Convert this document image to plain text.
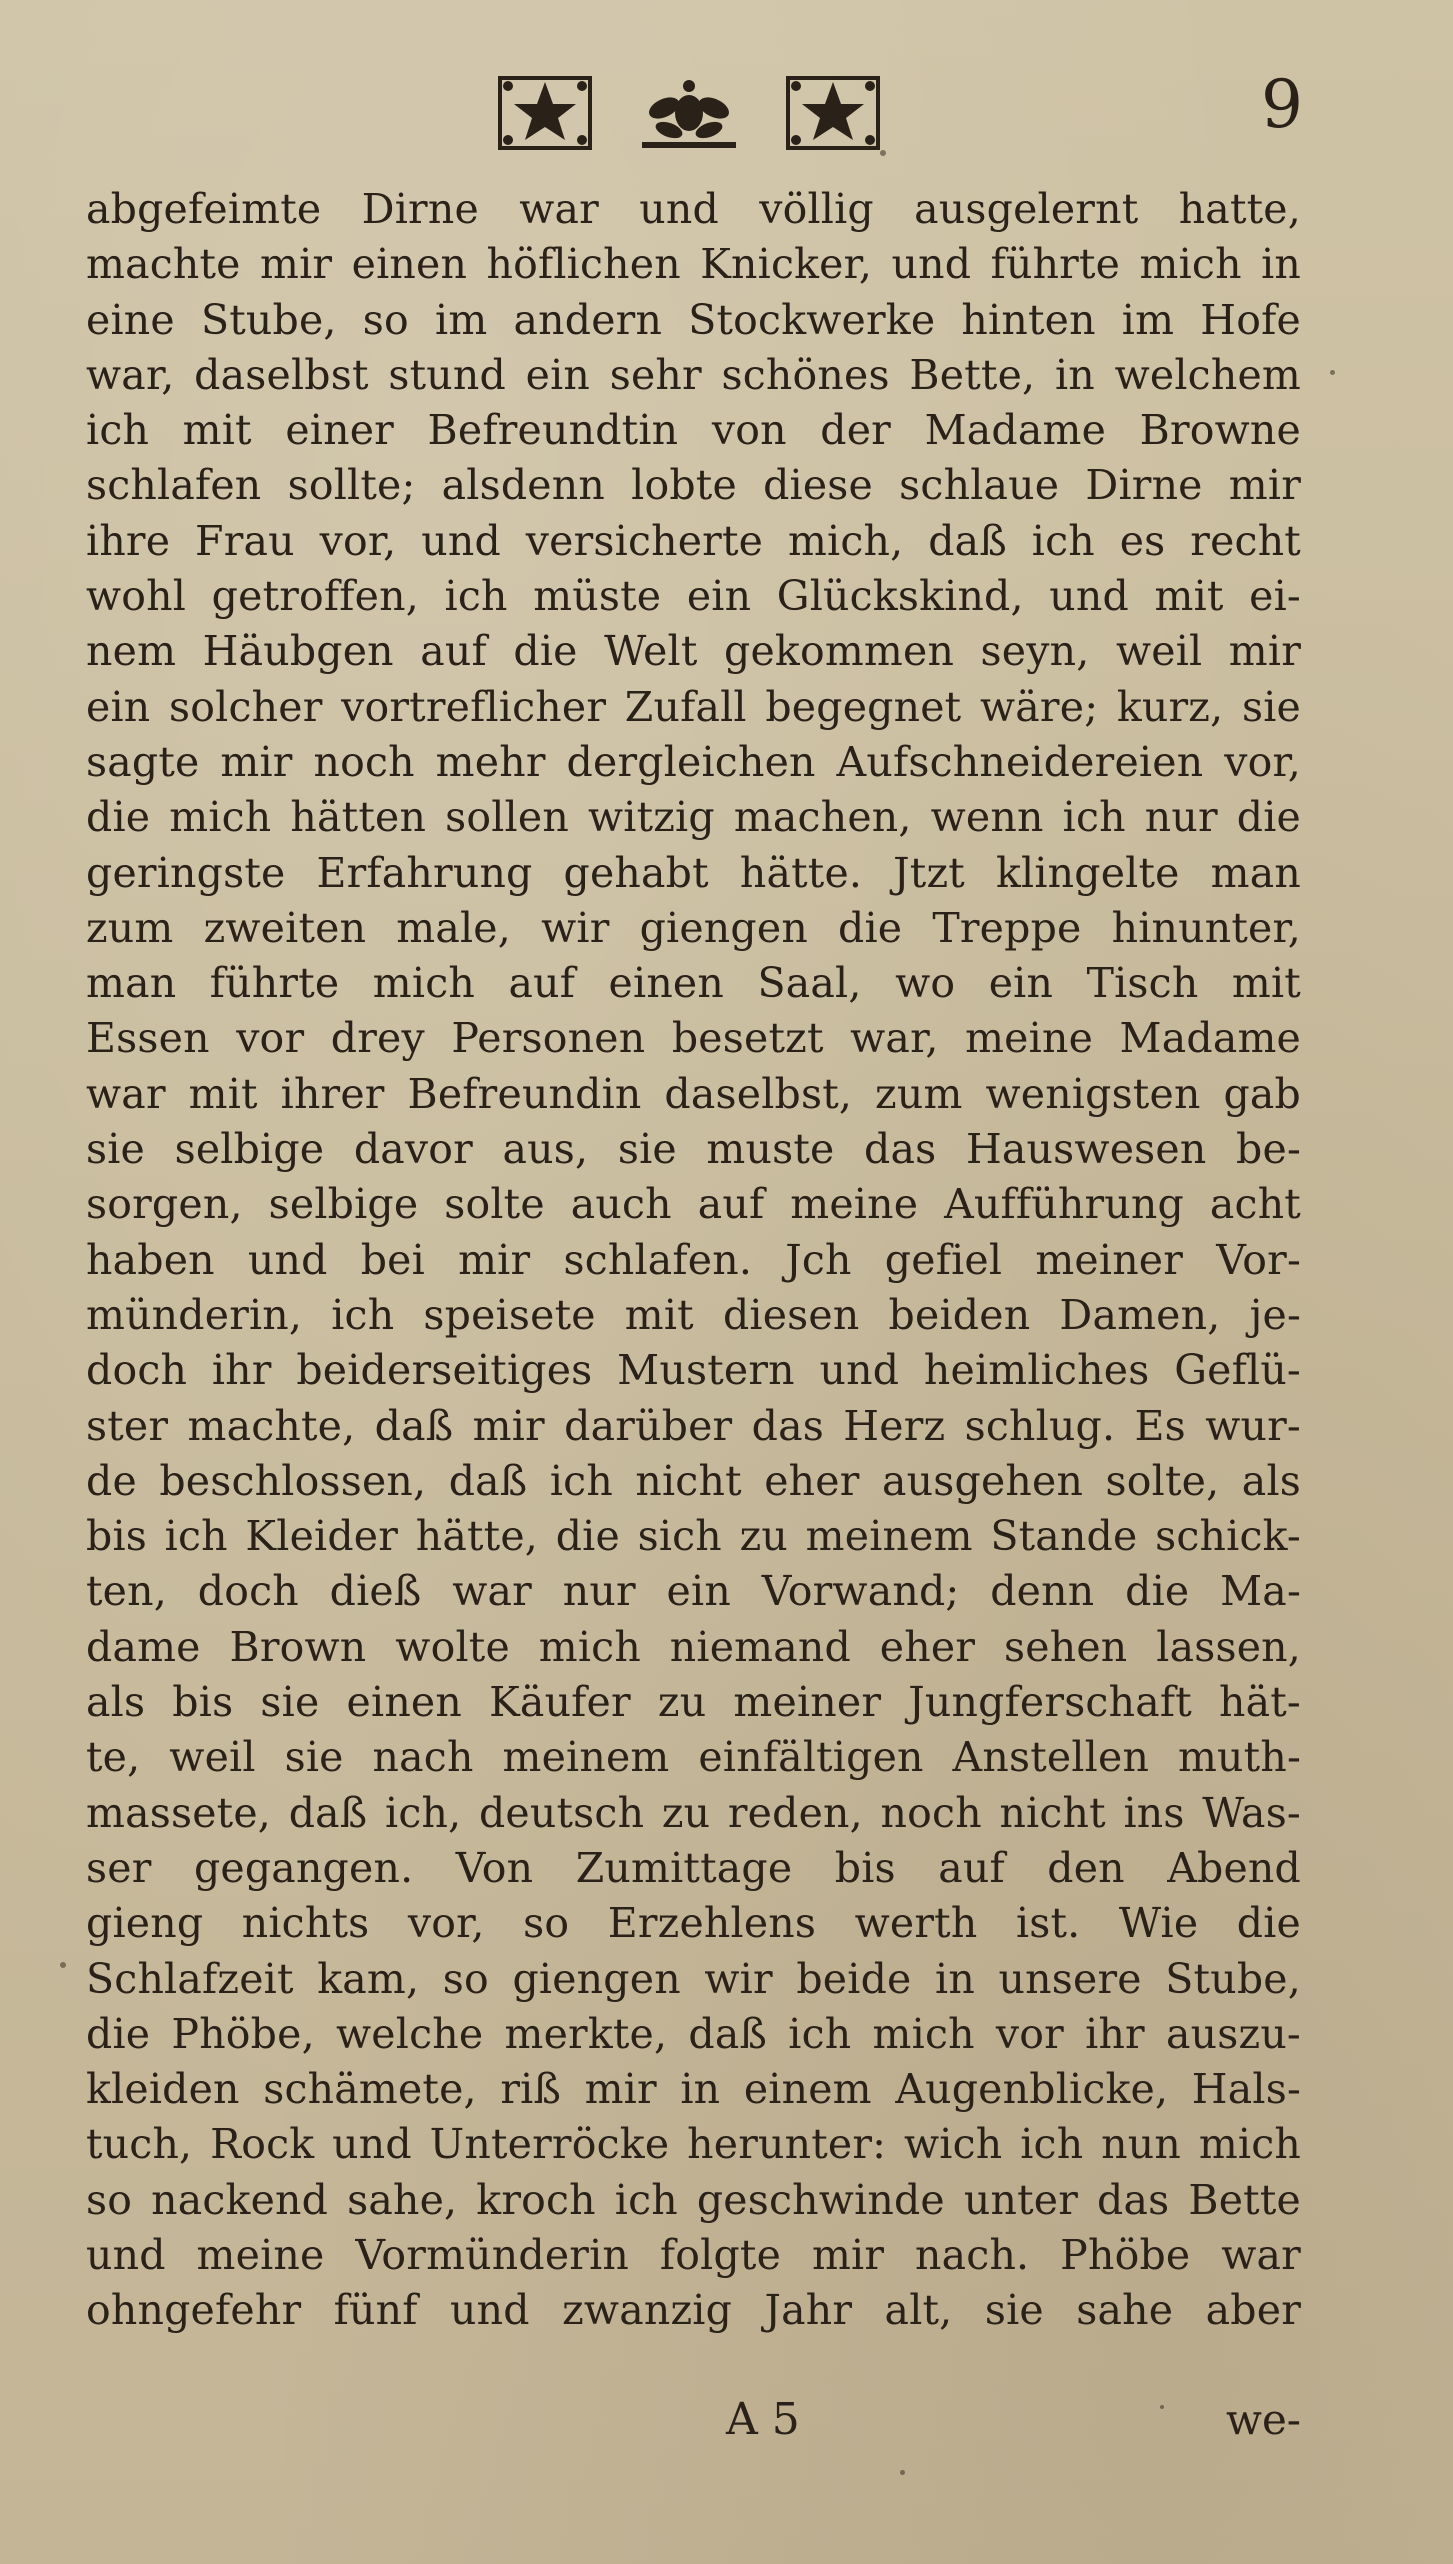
9
abgefeimte Dirne war und völlig ausgelernt hatte,
machte mir einen höflichen Knicker, und führte mich in
eine Stube, so im andern Stockwerke hinten im Hofe
war, daselbst stund ein sehr schönes Bette, in welchem
ich mit einer Befreundtin von der Madame Browne
schlafen sollte; alsdenn lobte diese schlaue Dirne mir
ihre Frau vor, und versicherte mich, daß ich es recht
wohl getroffen, ich müste ein Glückskind, und mit ei-
nem Häubgen auf die Welt gekommen seyn, weil mir
ein solcher vortreflicher Zufall begegnet wäre; kurz, sie
sagte mir noch mehr dergleichen Aufschneidereien vor,
die mich hätten sollen witzig machen, wenn ich nur die
geringste Erfahrung gehabt hätte. Jtzt klingelte man
zum zweiten male, wir giengen die Treppe hinunter,
man führte mich auf einen Saal, wo ein Tisch mit
Essen vor drey Personen besetzt war, meine Madame
war mit ihrer Befreundin daselbst, zum wenigsten gab
sie selbige davor aus, sie muste das Hauswesen be-
sorgen, selbige solte auch auf meine Aufführung acht
haben und bei mir schlafen. Jch gefiel meiner Vor-
münderin, ich speisete mit diesen beiden Damen, je-
doch ihr beiderseitiges Mustern und heimliches Geflü-
ster machte, daß mir darüber das Herz schlug. Es wur-
de beschlossen, daß ich nicht eher ausgehen solte, als
bis ich Kleider hätte, die sich zu meinem Stande schick-
ten, doch dieß war nur ein Vorwand; denn die Ma-
dame Brown wolte mich niemand eher sehen lassen,
als bis sie einen Käufer zu meiner Jungferschaft hät-
te, weil sie nach meinem einfältigen Anstellen muth-
massete, daß ich, deutsch zu reden, noch nicht ins Was-
ser gegangen. Von Zumittage bis auf den Abend
gieng nichts vor, so Erzehlens werth ist. Wie die
Schlafzeit kam, so giengen wir beide in unsere Stube,
die Phöbe, welche merkte, daß ich mich vor ihr auszu-
kleiden schämete, riß mir in einem Augenblicke, Hals-
tuch, Rock und Unterröcke herunter: wich ich nun mich
so nackend sahe, kroch ich geschwinde unter das Bette
und meine Vormünderin folgte mir nach. Phöbe war
ohngefehr fünf und zwanzig Jahr alt, sie sahe aber
A 5	we-
